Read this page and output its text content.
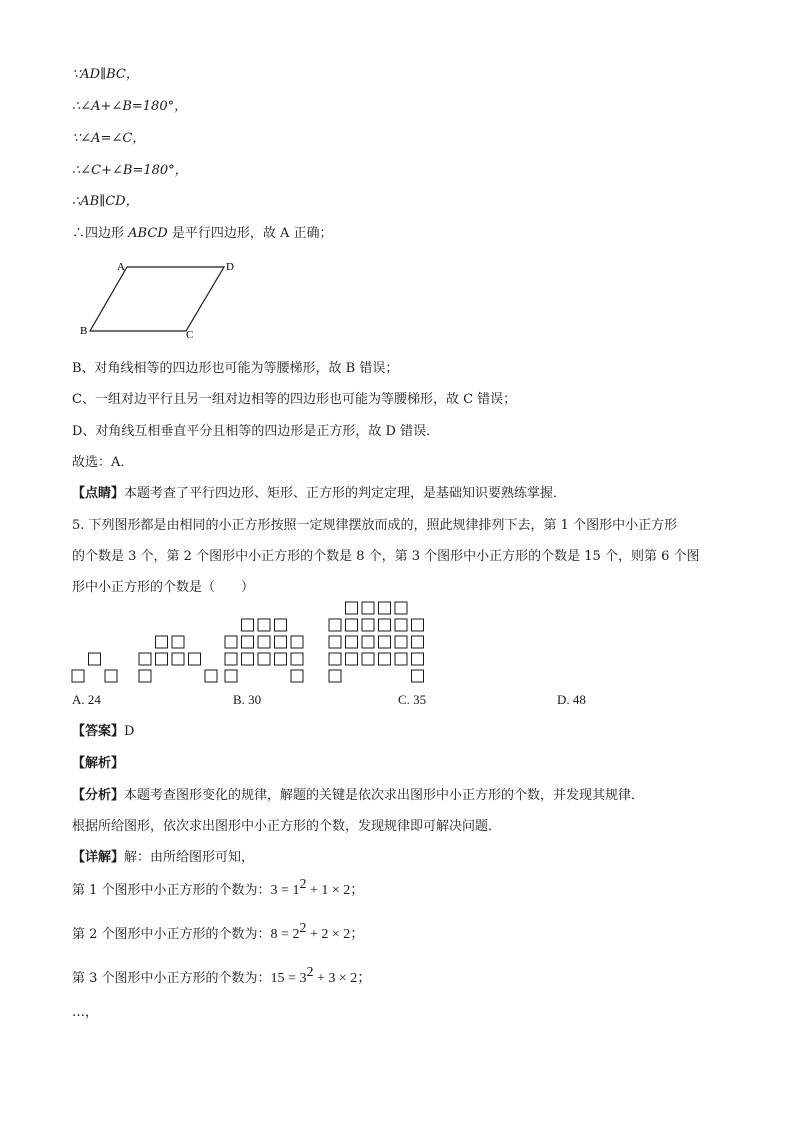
∵AD∥BC，
∴∠A+∠B=180°，
∵∠A=∠C，
∴∠C+∠B=180°，
∴AB∥CD，
∴四边形 ABCD 是平行四边形，故 A 正确；
A	D
B	C
B、对角线相等的四边形也可能为等腰梯形，故 B 错误；
C、一组对边平行且另一组对边相等的四边形也可能为等腰梯形，故 C 错误；
D、对角线互相垂直平分且相等的四边形是正方形，故 D 错误．
故选：A．
【点睛】本题考查了平行四边形、矩形、正方形的判定定理，是基础知识要熟练掌握．
5. 下列图形都是由相同的小正方形按照一定规律摆放而成的，照此规律排列下去，第 1 个图形中小正方形
的个数是 3 个，第 2 个图形中小正方形的个数是 8 个，第 3 个图形中小正方形的个数是 15 个，则第 6 个图
形中小正方形的个数是（　　）
A. 24	B. 30	C. 35	D. 48
【答案】D
【解析】
【分析】本题考查图形变化的规律，解题的关键是依次求出图形中小正方形的个数，并发现其规律．
根据所给图形，依次求出图形中小正方形的个数，发现规律即可解决问题．
【详解】解：由所给图形可知，
第 1 个图形中小正方形的个数为：$3 = 1^2 + 1 \times 2$；
第 2 个图形中小正方形的个数为：$8 = 2^2 + 2 \times 2$；
第 3 个图形中小正方形的个数为：$15 = 3^2 + 3 \times 2$；
…，
